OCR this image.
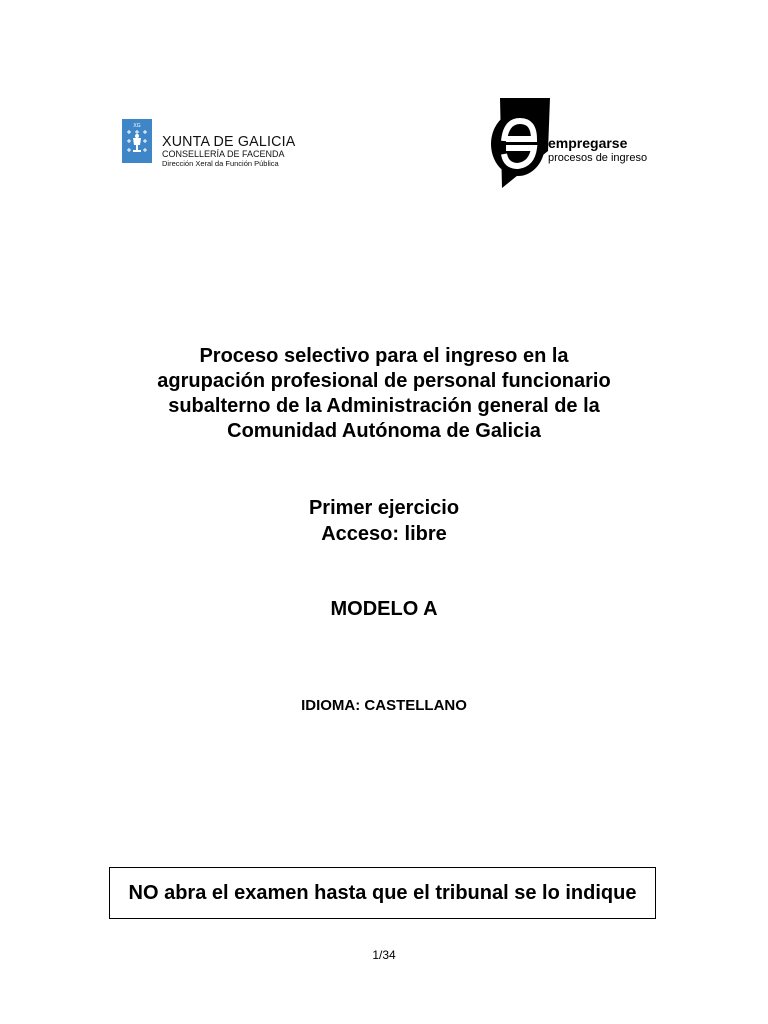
XG
XUNTA DE GALICIA
CONSELLERÍA DE FACENDA
Dirección Xeral da Función Pública
empregarse
procesos de ingreso
Proceso selectivo para el ingreso en la
agrupación profesional de personal funcionario
subalterno de la Administración general de la
Comunidad Autónoma de Galicia
Primer ejercicio
Acceso: libre
MODELO A
IDIOMA: CASTELLANO
NO abra el examen hasta que el tribunal se lo indique
1/34
